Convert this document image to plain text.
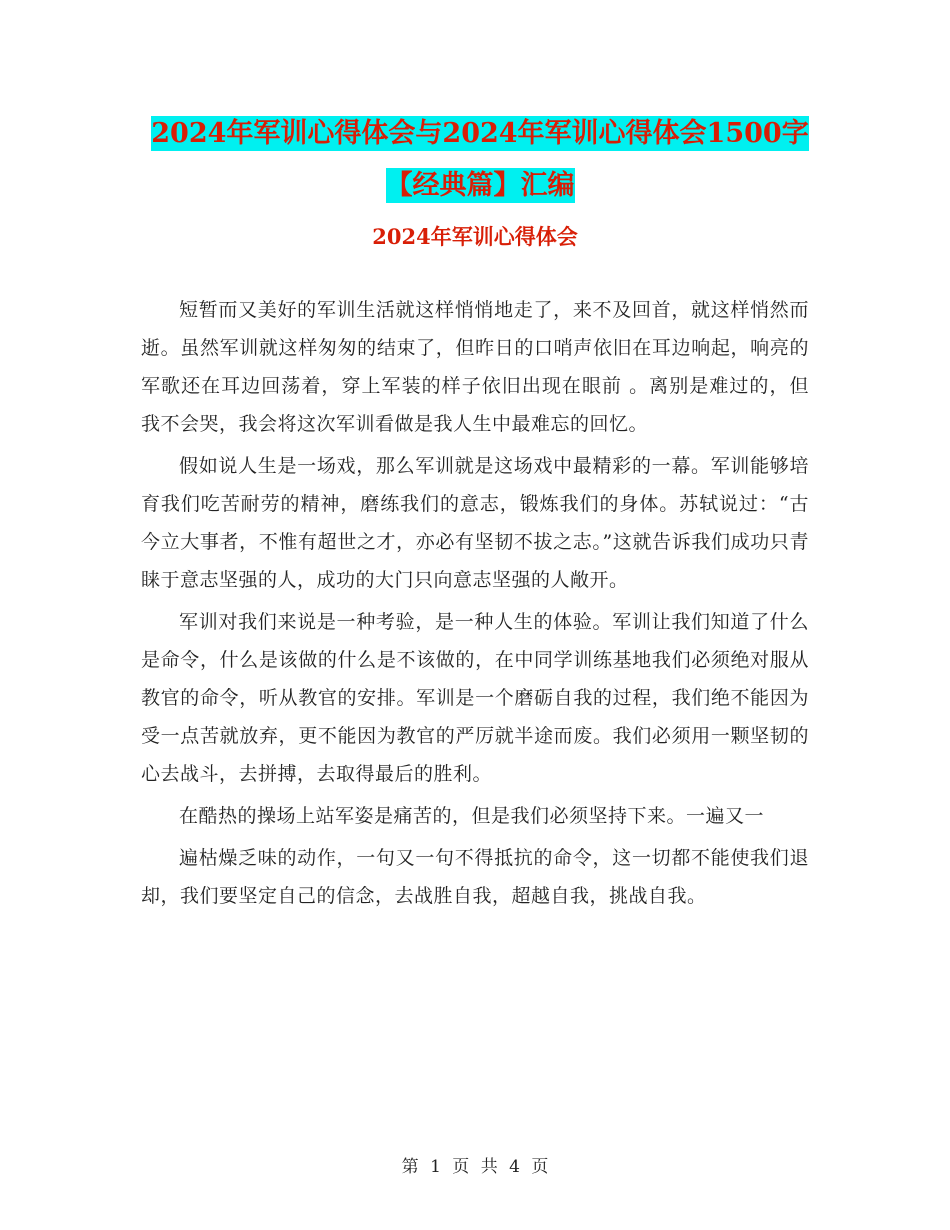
2024年军训心得体会与2024年军训心得体会1500字
【经典篇】汇编
2024年军训心得体会

短暂而又美好的军训生活就这样悄悄地走了，来不及回首，就这样悄然而逝。虽然军训就这样匆匆的结束了，但昨日的口哨声依旧在耳边响起，响亮的军歌还在耳边回荡着，穿上军装的样子依旧出现在眼前 。离别是难过的，但我不会哭，我会将这次军训看做是我人生中最难忘的回忆。

假如说人生是一场戏，那么军训就是这场戏中最精彩的一幕。军训能够培育我们吃苦耐劳的精神，磨练我们的意志，锻炼我们的身体。苏轼说过：“古今立大事者，不惟有超世之才，亦必有坚韧不拔之志。”这就告诉我们成功只青睐于意志坚强的人，成功的大门只向意志坚强的人敞开。

军训对我们来说是一种考验，是一种人生的体验。军训让我们知道了什么是命令，什么是该做的什么是不该做的，在中同学训练基地我们必须绝对服从教官的命令，听从教官的安排。军训是一个磨砺自我的过程，我们绝不能因为受一点苦就放弃，更不能因为教官的严厉就半途而废。我们必须用一颗坚韧的心去战斗，去拼搏，去取得最后的胜利。

在酷热的操场上站军姿是痛苦的，但是我们必须坚持下来。一遍又一

遍枯燥乏味的动作，一句又一句不得抵抗的命令，这一切都不能使我们退却，我们要坚定自己的信念，去战胜自我，超越自我，挑战自我。

第 1 页 共 4 页
